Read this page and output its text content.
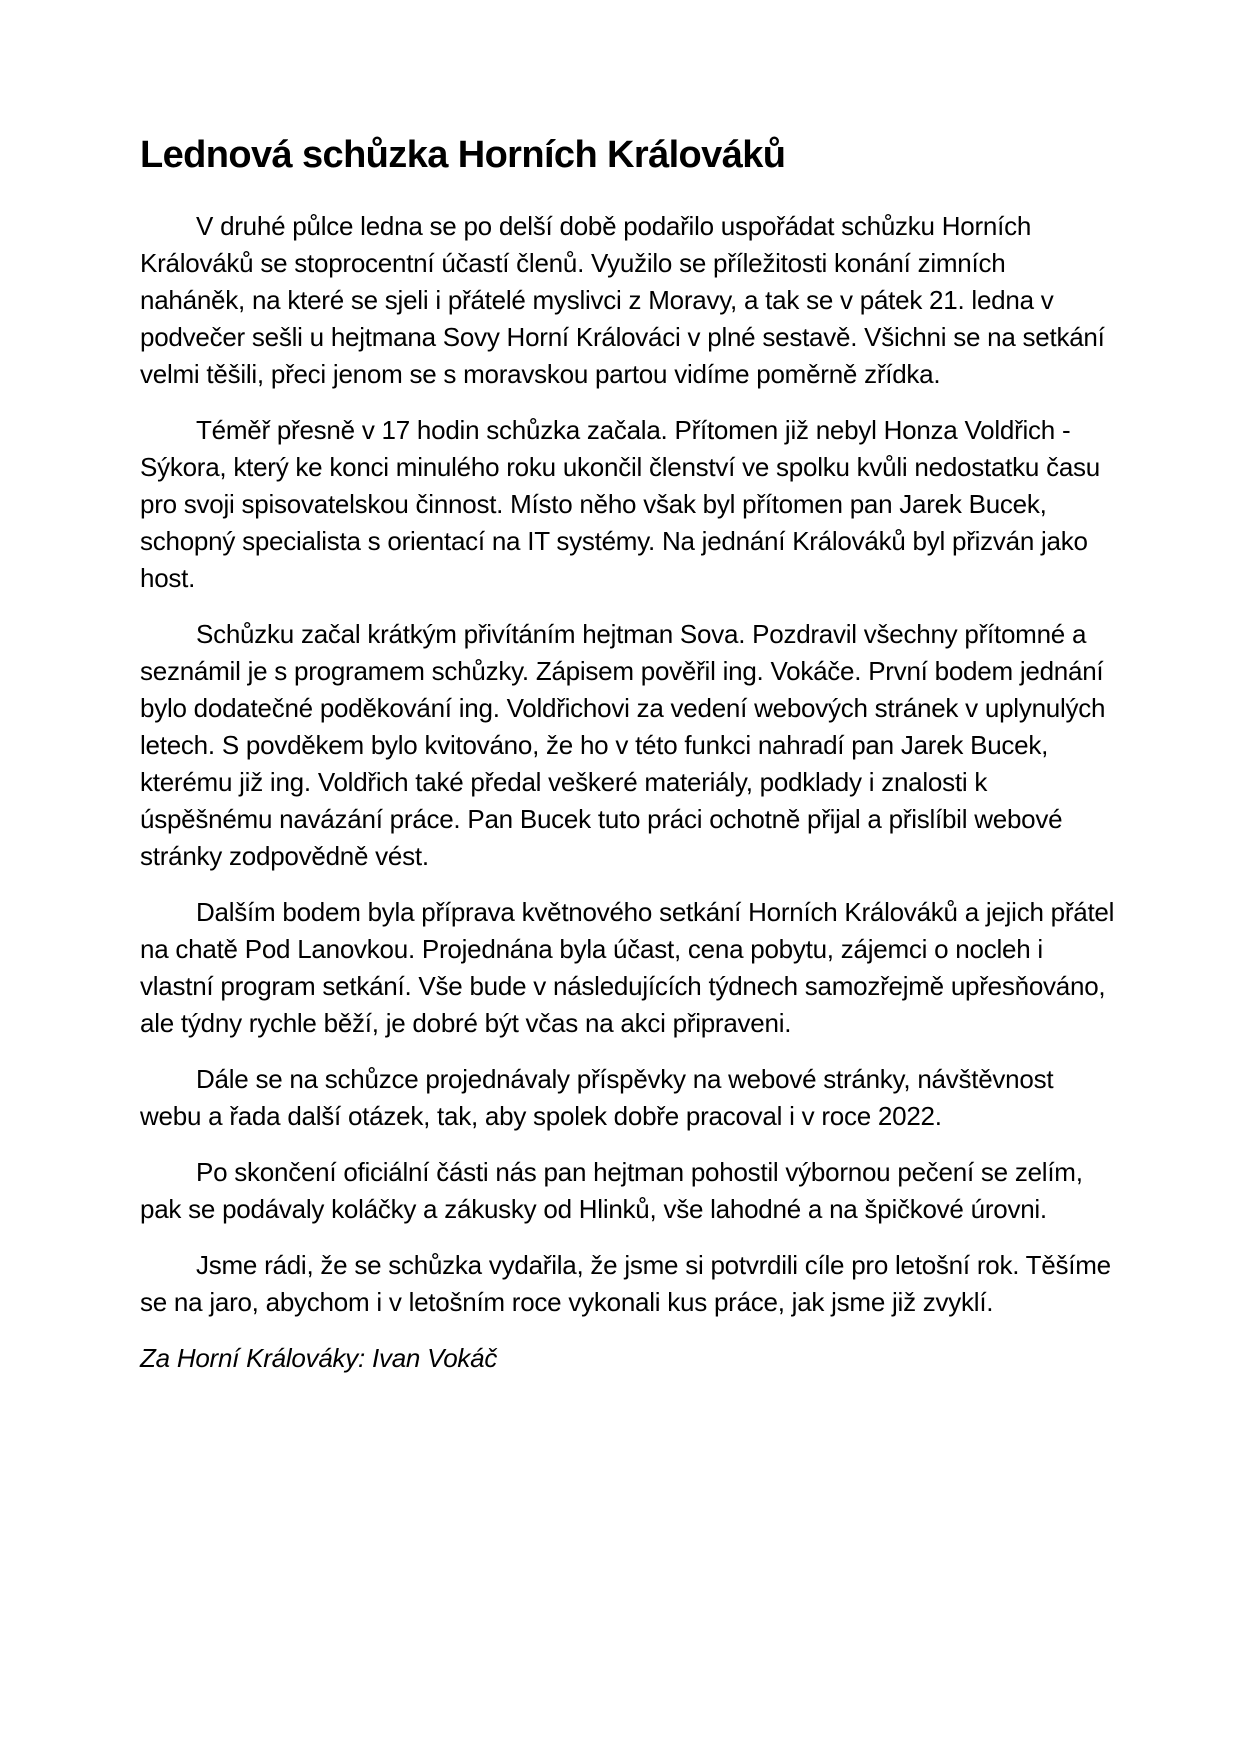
Lednová schůzka Horních Králováků

V druhé půlce ledna se po delší době podařilo uspořádat schůzku Horních Králováků se stoprocentní účastí členů. Využilo se příležitosti konání zimních naháněk, na které se sjeli i přátelé myslivci z Moravy, a tak se v pátek 21. ledna v podvečer sešli u hejtmana Sovy Horní Králováci v plné sestavě. Všichni se na setkání velmi těšili, přeci jenom se s moravskou partou vidíme poměrně zřídka.

Téměř přesně v 17 hodin schůzka začala. Přítomen již nebyl Honza Voldřich - Sýkora, který ke konci minulého roku ukončil členství ve spolku kvůli nedostatku času pro svoji spisovatelskou činnost. Místo něho však byl přítomen pan Jarek Bucek, schopný specialista s orientací na IT systémy. Na jednání Králováků byl přizván jako host.

Schůzku začal krátkým přivítáním hejtman Sova. Pozdravil všechny přítomné a seznámil je s programem schůzky. Zápisem pověřil ing. Vokáče. První bodem jednání bylo dodatečné poděkování ing. Voldřichovi za vedení webových stránek v uplynulých letech. S povděkem bylo kvitováno, že ho v této funkci nahradí pan Jarek Bucek, kterému již ing. Voldřich také předal veškeré materiály, podklady i znalosti k úspěšnému navázání práce. Pan Bucek tuto práci ochotně přijal a přislíbil webové stránky zodpovědně vést.

Dalším bodem byla příprava květnového setkání Horních Králováků a jejich přátel na chatě Pod Lanovkou. Projednána byla účast, cena pobytu, zájemci o nocleh i vlastní program setkání. Vše bude v následujících týdnech samozřejmě upřesňováno, ale týdny rychle běží, je dobré být včas na akci připraveni.

Dále se na schůzce projednávaly příspěvky na webové stránky, návštěvnost webu a řada další otázek, tak, aby spolek dobře pracoval i v roce 2022.

Po skončení oficiální části nás pan hejtman pohostil výbornou pečení se zelím, pak se podávaly koláčky a zákusky od Hlinků, vše lahodné a na špičkové úrovni.

Jsme rádi, že se schůzka vydařila, že jsme si potvrdili cíle pro letošní rok. Těšíme se na jaro, abychom i v letošním roce vykonali kus práce, jak jsme již zvyklí.

Za Horní Králováky: Ivan Vokáč
